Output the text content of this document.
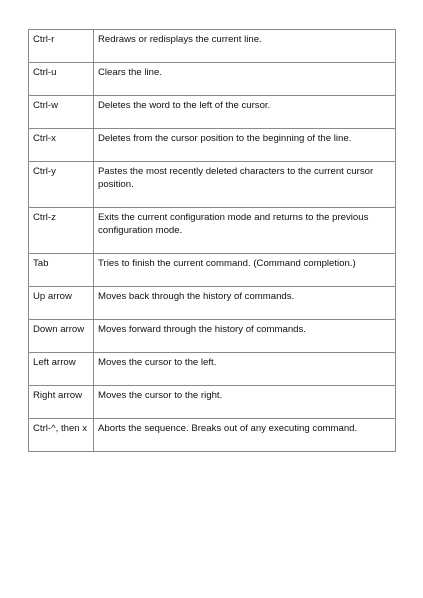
Ctrl-r	Redraws or redisplays the current line.
Ctrl-u	Clears the line.
Ctrl-w	Deletes the word to the left of the cursor.
Ctrl-x	Deletes from the cursor position to the beginning of the line.
Ctrl-y	Pastes the most recently deleted characters to the current cursor position.
Ctrl-z	Exits the current configuration mode and returns to the previous configuration mode.
Tab	Tries to finish the current command. (Command completion.)
Up arrow	Moves back through the history of commands.
Down arrow	Moves forward through the history of commands.
Left arrow	Moves the cursor to the left.
Right arrow	Moves the cursor to the right.
Ctrl-^, then x	Aborts the sequence. Breaks out of any executing command.
